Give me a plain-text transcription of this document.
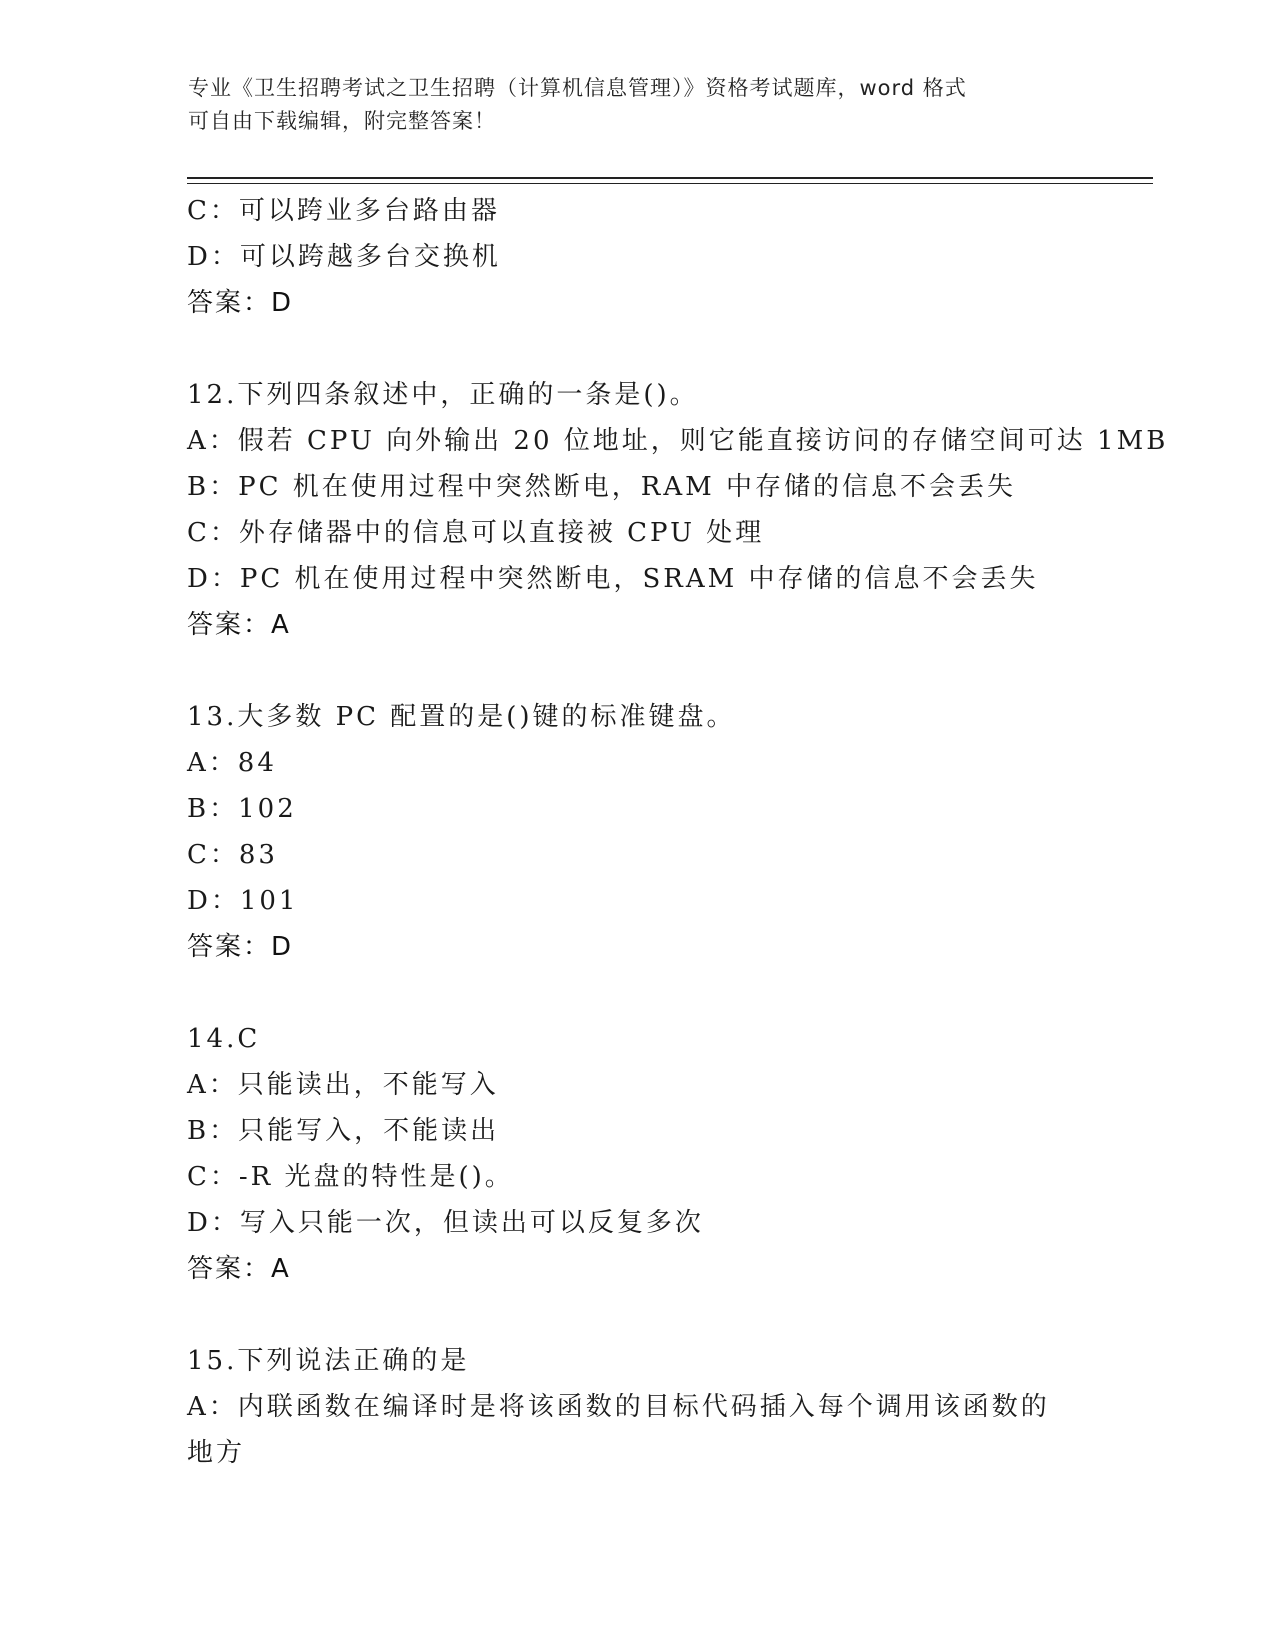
专业《卫生招聘考试之卫生招聘（计算机信息管理）》资格考试题库，word 格式
可自由下载编辑，附完整答案！
C：可以跨业多台路由器
D：可以跨越多台交换机
答案：D
12.下列四条叙述中，正确的一条是()。
A：假若 CPU 向外输出 20 位地址，则它能直接访问的存储空间可达 1MB
B：PC 机在使用过程中突然断电，RAM 中存储的信息不会丢失
C：外存储器中的信息可以直接被 CPU 处理
D：PC 机在使用过程中突然断电，SRAM 中存储的信息不会丢失
答案：A
13.大多数 PC 配置的是()键的标准键盘。
A：84
B：102
C：83
D：101
答案：D
14.C
A：只能读出，不能写入
B：只能写入，不能读出
C：-R 光盘的特性是()。
D：写入只能一次，但读出可以反复多次
答案：A
15.下列说法正确的是
A：内联函数在编译时是将该函数的目标代码插入每个调用该函数的地方
